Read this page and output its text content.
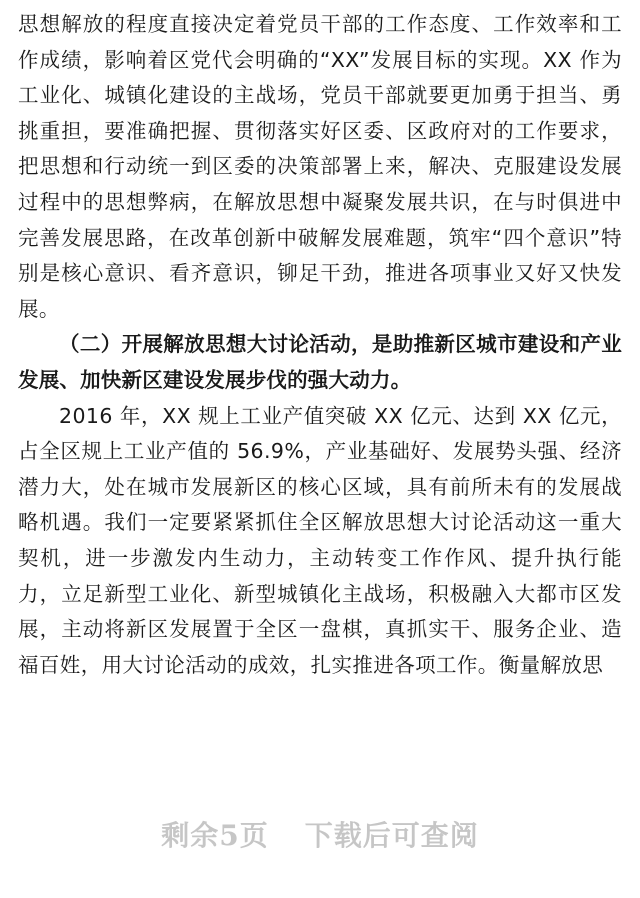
思想解放的程度直接决定着党员干部的工作态度、工作效率和工作成绩，影响着区党代会明确的“XX”发展目标的实现。XX 作为工业化、城镇化建设的主战场，党员干部就要更加勇于担当、勇挑重担，要准确把握、贯彻落实好区委、区政府对的工作要求，把思想和行动统一到区委的决策部署上来，解决、克服建设发展过程中的思想弊病，在解放思想中凝聚发展共识，在与时俱进中完善发展思路，在改革创新中破解发展难题，筑牢“四个意识”特别是核心意识、看齐意识，铆足干劲，推进各项事业又好又快发展。

（二）开展解放思想大讨论活动，是助推新区城市建设和产业发展、加快新区建设发展步伐的强大动力。

2016 年，XX 规上工业产值突破 XX 亿元、达到 XX 亿元，占全区规上工业产值的 56.9%，产业基础好、发展势头强、经济潜力大，处在城市发展新区的核心区域，具有前所未有的发展战略机遇。我们一定要紧紧抓住全区解放思想大讨论活动这一重大契机，进一步激发内生动力，主动转变工作作风、提升执行能力，立足新型工业化、新型城镇化主战场，积极融入大都市区发展，主动将新区发展置于全区一盘棋，真抓实干、服务企业、造福百姓，用大讨论活动的成效，扎实推进各项工作。衡量解放思

剩余5页 下载后可查阅
